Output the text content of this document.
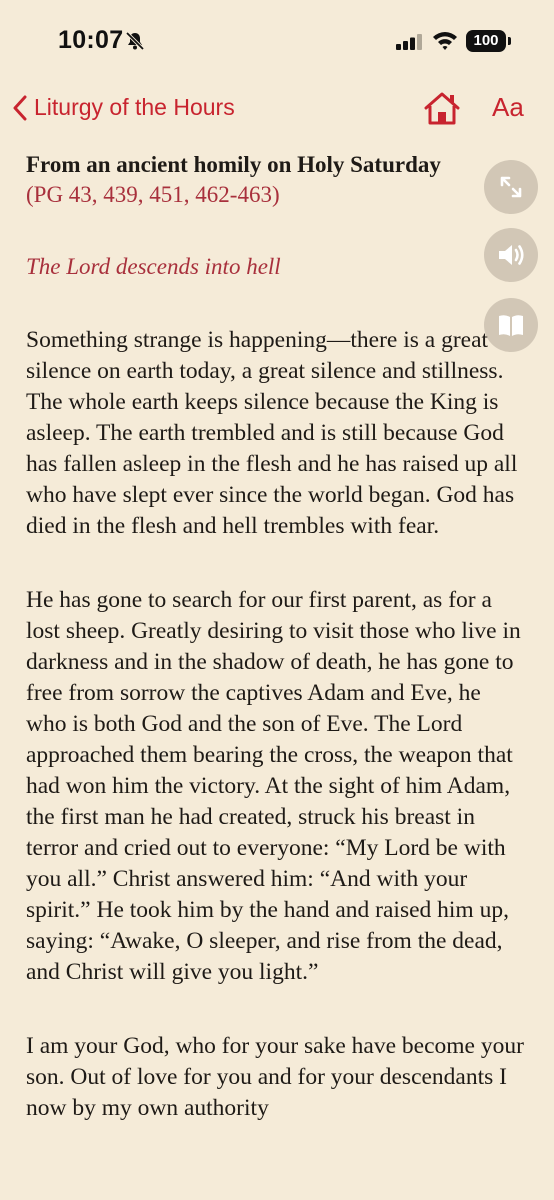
10:07	100
Liturgy of the Hours	Aa

From an ancient homily on Holy Saturday

(PG 43, 439, 451, 462-463)

The Lord descends into hell

Something strange is happening—there is a great silence on earth today, a great silence and stillness. The whole earth keeps silence because the King is asleep. The earth trembled and is still because God has fallen asleep in the flesh and he has raised up all who have slept ever since the world began. God has died in the flesh and hell trembles with fear.

He has gone to search for our first parent, as for a lost sheep. Greatly desiring to visit those who live in darkness and in the shadow of death, he has gone to free from sorrow the captives Adam and Eve, he who is both God and the son of Eve. The Lord approached them bearing the cross, the weapon that had won him the victory. At the sight of him Adam, the first man he had created, struck his breast in terror and cried out to everyone: “My Lord be with you all.” Christ answered him: “And with your spirit.” He took him by the hand and raised him up, saying: “Awake, O sleeper, and rise from the dead, and Christ will give you light.”

I am your God, who for your sake have become your son. Out of love for you and for your descendants I now by my own authority
